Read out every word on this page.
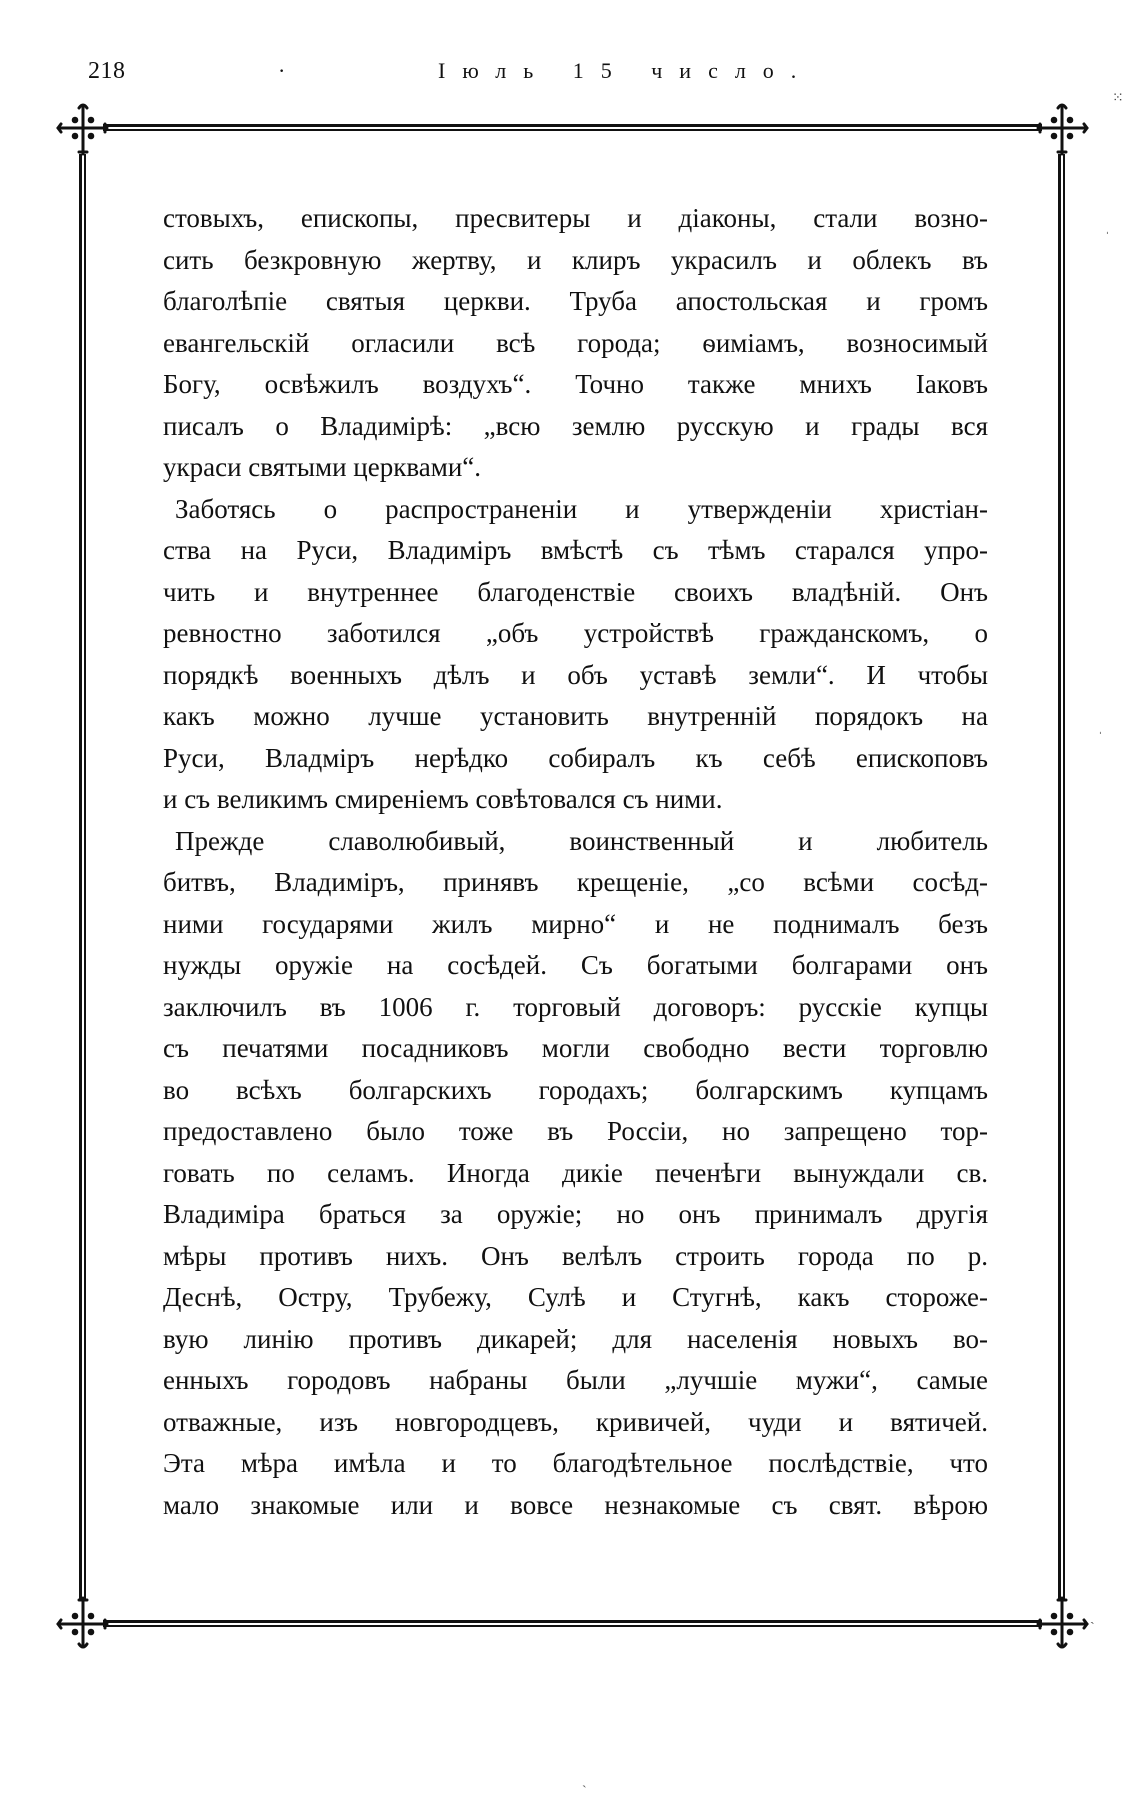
218	·	Іюль 15 число.
⁙
стовыхъ, епископы, пресвитеры и діаконы, стали возно-
сить безкровную жертву, и клиръ украсилъ и облекъ въ
благолѣпіе святыя церкви. Труба апостольская и громъ
евангельскій огласили всѣ города; ѳиміамъ, возносимый
Богу, освѣжилъ воздухъ“. Точно также мнихъ Іаковъ
писалъ о Владимірѣ: „всю землю русскую и грады вся
украси святыми церквами“.
Заботясь о распространеніи и утвержденіи христіан-
ства на Руси, Владиміръ вмѣстѣ съ тѣмъ старался упро-
чить и внутреннее благоденствіе своихъ владѣній. Онъ
ревностно заботился „объ устройствѣ гражданскомъ, о
порядкѣ военныхъ дѣлъ и объ уставѣ земли“. И чтобы
какъ можно лучше установить внутренній порядокъ на
Руси, Владміръ нерѣдко собиралъ къ себѣ епископовъ
и съ великимъ смиреніемъ совѣтовался съ ними.
Прежде славолюбивый, воинственный и любитель
битвъ, Владиміръ, принявъ крещеніе, „со всѣми сосѣд-
ними государями жилъ мирно“ и не поднималъ безъ
нужды оружіе на сосѣдей. Съ богатыми болгарами онъ
заключилъ въ 1006 г. торговый договоръ: русскіе купцы
съ печатями посадниковъ могли свободно вести торговлю
во всѣхъ болгарскихъ городахъ; болгарскимъ купцамъ
предоставлено было тоже въ Россіи, но запрещено тор-
говать по селамъ. Иногда дикіе печенѣги вынуждали св.
Владиміра браться за оружіе; но онъ принималъ другія
мѣры противъ нихъ. Онъ велѣлъ строить города по р.
Деснѣ, Остру, Трубежу, Сулѣ и Стугнѣ, какъ стороже-
вую линію противъ дикарей; для населенія новыхъ во-
енныхъ городовъ набраны были „лучшіе мужи“, самые
отважные, изъ новгородцевъ, кривичей, чуди и вятичей.
Эта мѣра имѣла и то благодѣтельное послѣдствіе, что
мало знакомые или и вовсе незнакомые съ свят. вѣрою
ˌ
ˌ
ˏ
ˋ
